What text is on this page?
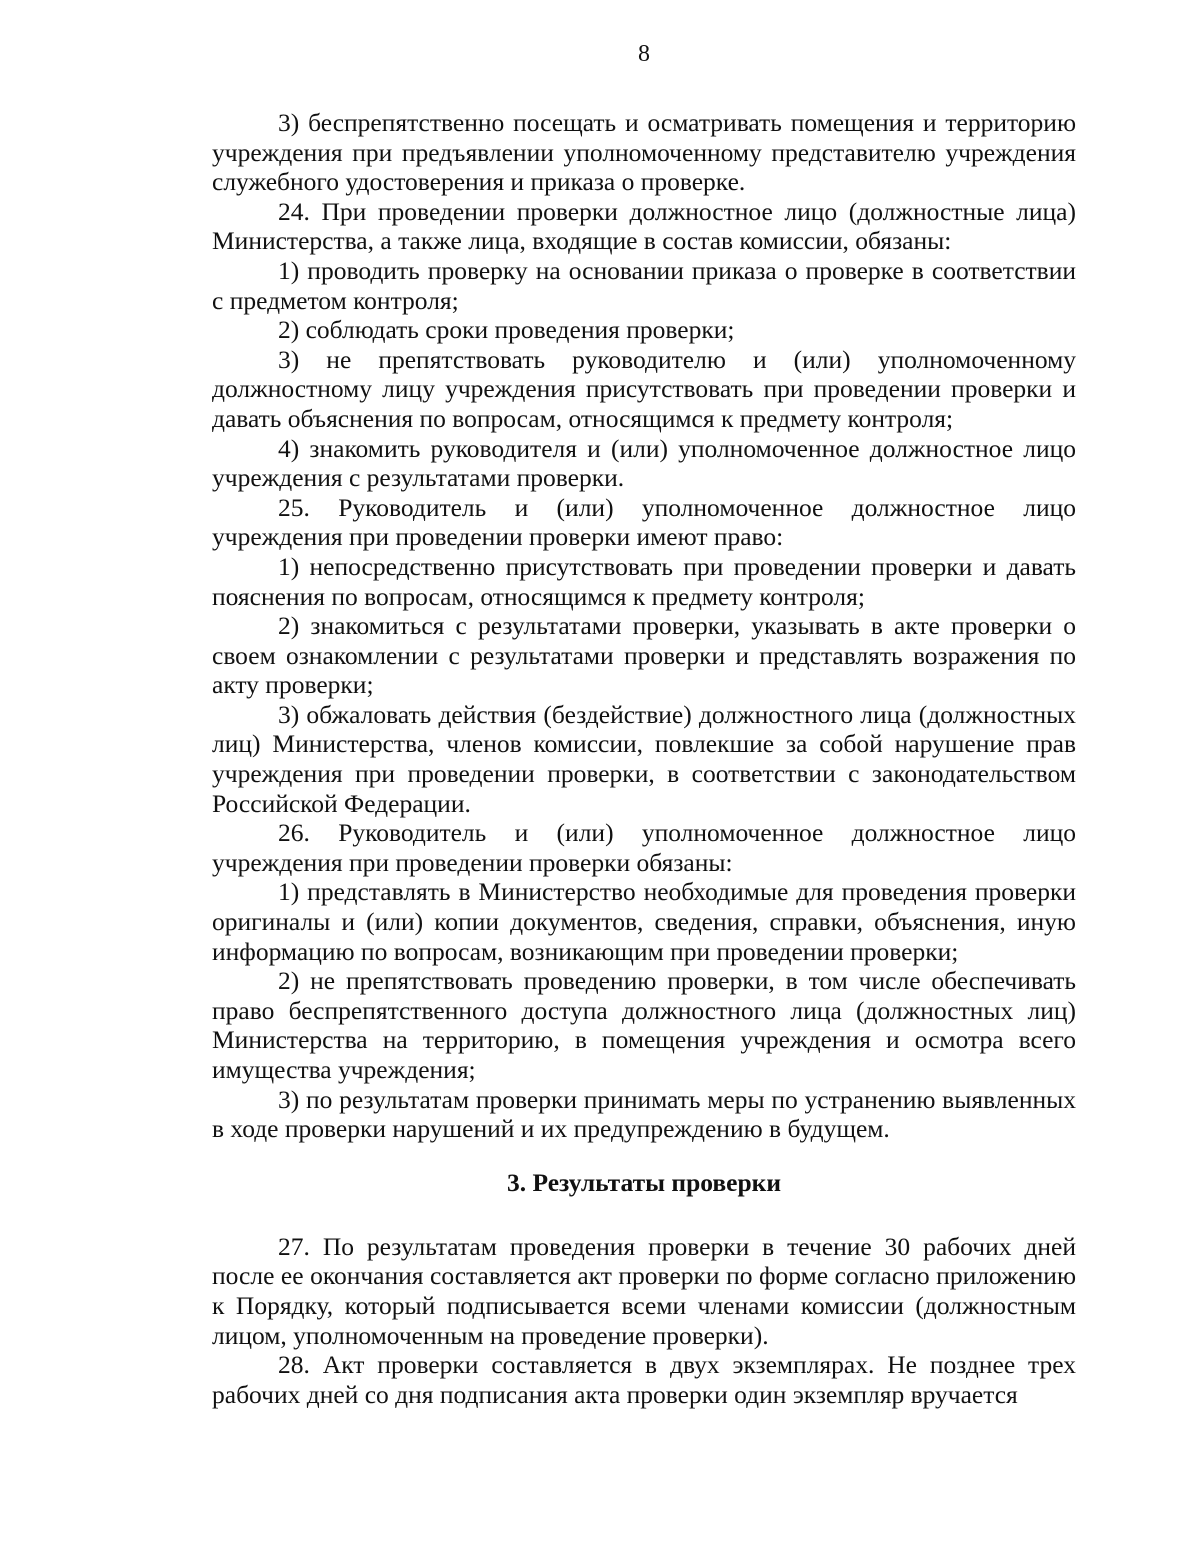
8

3) беспрепятственно посещать и осматривать помещения и территорию учреждения при предъявлении уполномоченному представителю учреждения служебного удостоверения и приказа о проверке.

24. При проведении проверки должностное лицо (должностные лица) Министерства, а также лица, входящие в состав комиссии, обязаны:

1) проводить проверку на основании приказа о проверке в соответствии с предметом контроля;

2) соблюдать сроки проведения проверки;

3) не препятствовать руководителю и (или) уполномоченному должностному лицу учреждения присутствовать при проведении проверки и давать объяснения по вопросам, относящимся к предмету контроля;

4) знакомить руководителя и (или) уполномоченное должностное лицо учреждения с результатами проверки.

25. Руководитель и (или) уполномоченное должностное лицо учреждения при проведении проверки имеют право:

1) непосредственно присутствовать при проведении проверки и давать пояснения по вопросам, относящимся к предмету контроля;

2) знакомиться с результатами проверки, указывать в акте проверки о своем ознакомлении с результатами проверки и представлять возражения по акту проверки;

3) обжаловать действия (бездействие) должностного лица (должностных лиц) Министерства, членов комиссии, повлекшие за собой нарушение прав учреждения при проведении проверки, в соответствии с законодательством Российской Федерации.

26. Руководитель и (или) уполномоченное должностное лицо учреждения при проведении проверки обязаны:

1) представлять в Министерство необходимые для проведения проверки оригиналы и (или) копии документов, сведения, справки, объяснения, иную информацию по вопросам, возникающим при проведении проверки;

2) не препятствовать проведению проверки, в том числе обеспечивать право беспрепятственного доступа должностного лица (должностных лиц) Министерства на территорию, в помещения учреждения и осмотра всего имущества учреждения;

3) по результатам проверки принимать меры по устранению выявленных в ходе проверки нарушений и их предупреждению в будущем.

3. Результаты проверки

27. По результатам проведения проверки в течение 30 рабочих дней после ее окончания составляется акт проверки по форме согласно приложению к Порядку, который подписывается всеми членами комиссии (должностным лицом, уполномоченным на проведение проверки).

28. Акт проверки составляется в двух экземплярах. Не позднее трех рабочих дней со дня подписания акта проверки один экземпляр вручается
